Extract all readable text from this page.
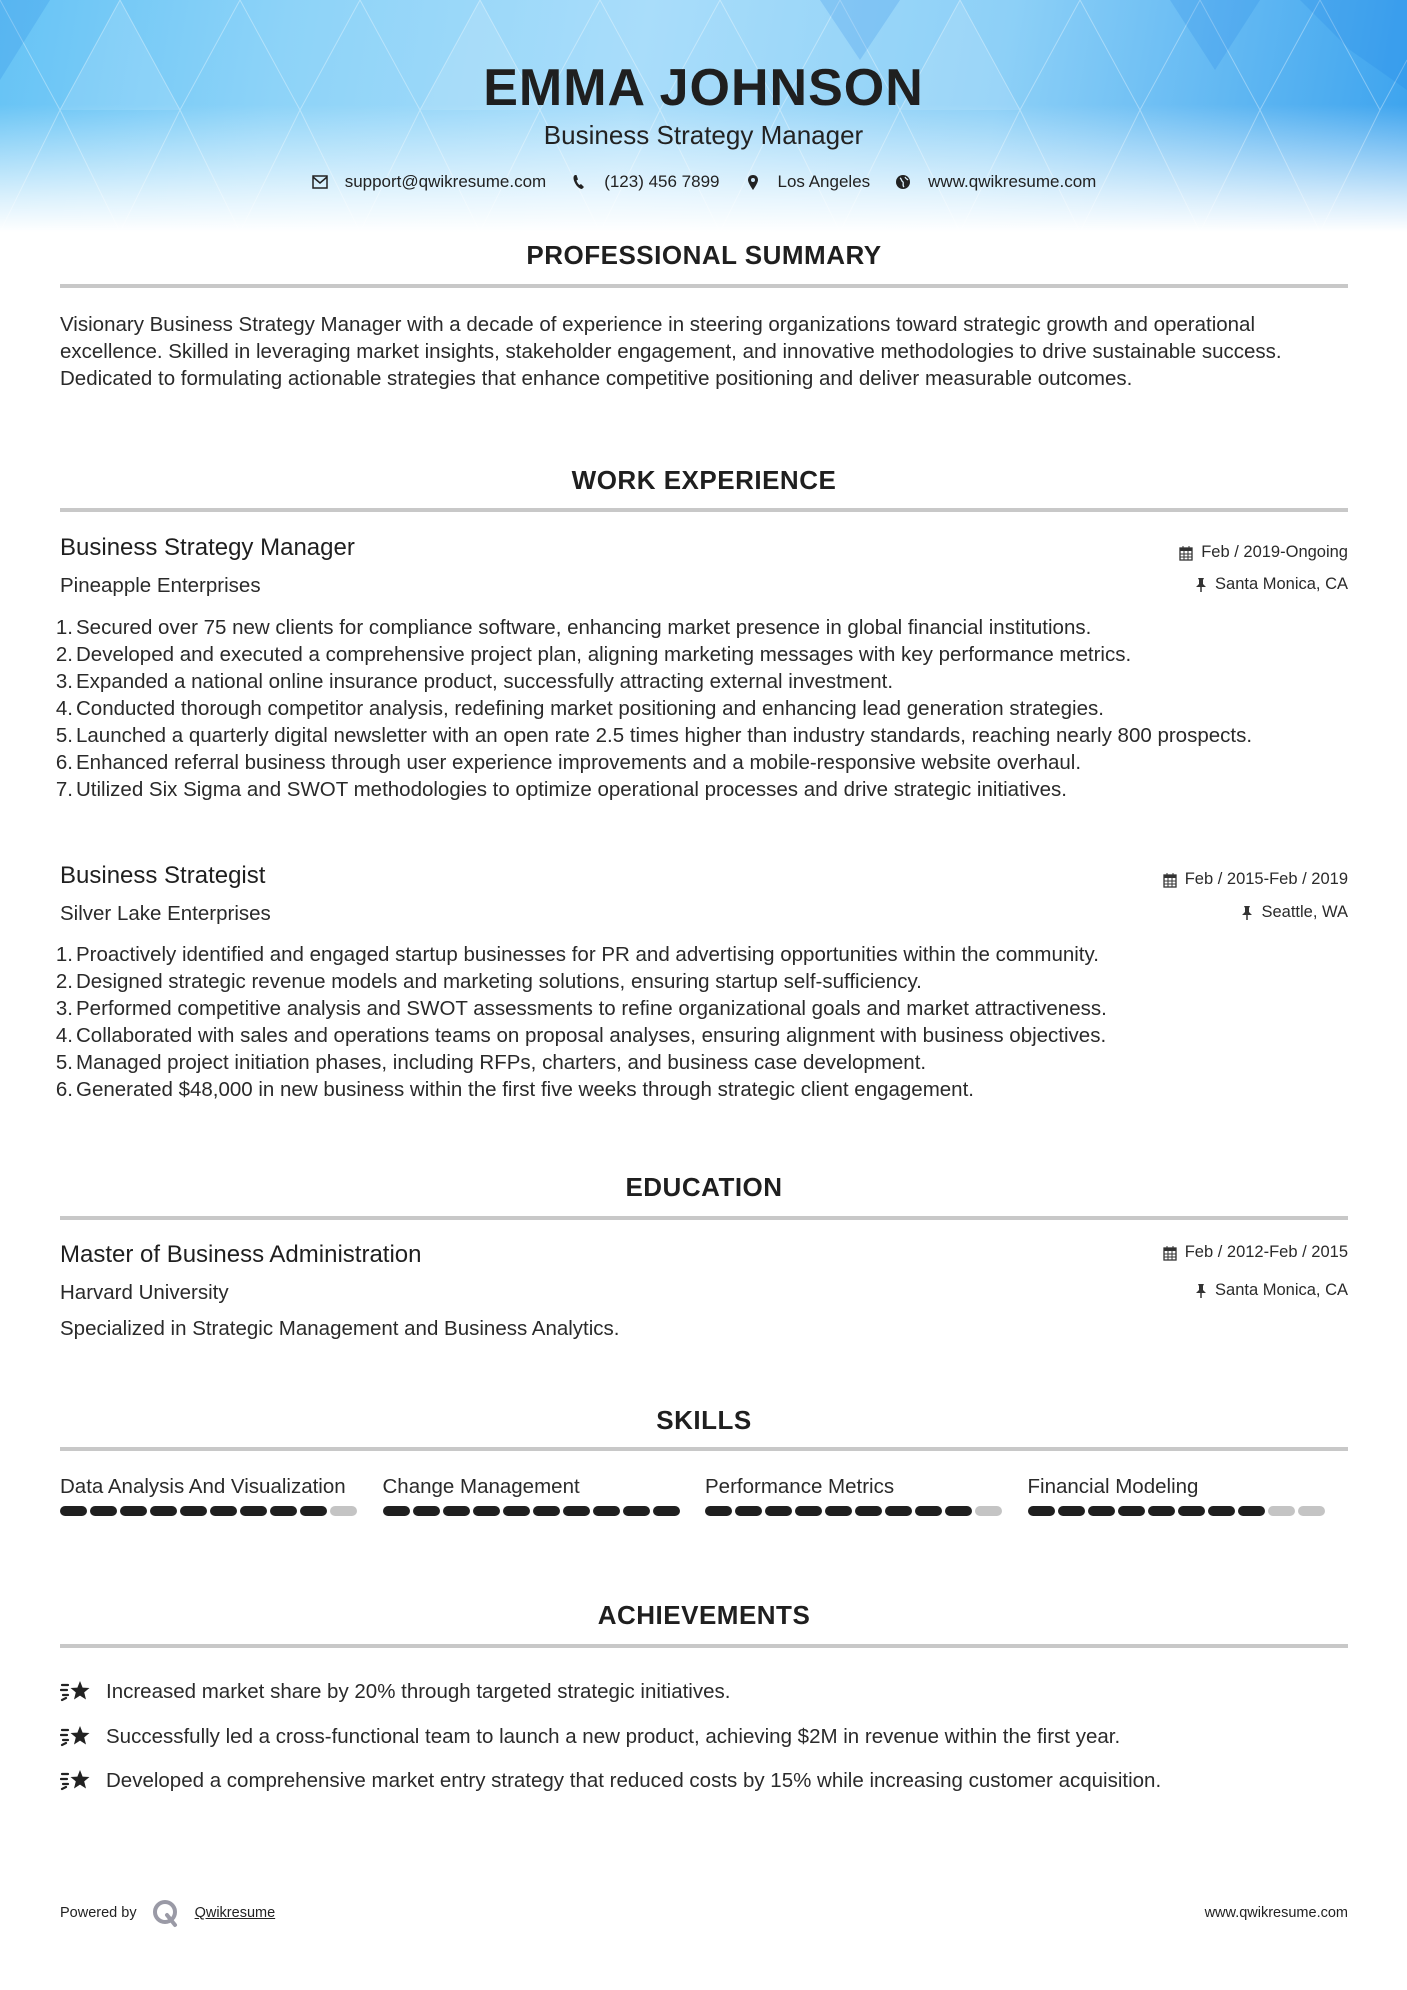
EMMA JOHNSON
Business Strategy Manager
support@qwikresume.com	(123) 456 7899	Los Angeles	www.qwikresume.com
PROFESSIONAL SUMMARY
Visionary Business Strategy Manager with a decade of experience in steering organizations toward strategic growth and operational excellence. Skilled in leveraging market insights, stakeholder engagement, and innovative methodologies to drive sustainable success. Dedicated to formulating actionable strategies that enhance competitive positioning and deliver measurable outcomes.
WORK EXPERIENCE
Business Strategy Manager
Pineapple Enterprises
Feb / 2019-Ongoing
Santa Monica, CA
1. Secured over 75 new clients for compliance software, enhancing market presence in global financial institutions.
2. Developed and executed a comprehensive project plan, aligning marketing messages with key performance metrics.
3. Expanded a national online insurance product, successfully attracting external investment.
4. Conducted thorough competitor analysis, redefining market positioning and enhancing lead generation strategies.
5. Launched a quarterly digital newsletter with an open rate 2.5 times higher than industry standards, reaching nearly 800 prospects.
6. Enhanced referral business through user experience improvements and a mobile-responsive website overhaul.
7. Utilized Six Sigma and SWOT methodologies to optimize operational processes and drive strategic initiatives.
Business Strategist
Silver Lake Enterprises
Feb / 2015-Feb / 2019
Seattle, WA
1. Proactively identified and engaged startup businesses for PR and advertising opportunities within the community.
2. Designed strategic revenue models and marketing solutions, ensuring startup self-sufficiency.
3. Performed competitive analysis and SWOT assessments to refine organizational goals and market attractiveness.
4. Collaborated with sales and operations teams on proposal analyses, ensuring alignment with business objectives.
5. Managed project initiation phases, including RFPs, charters, and business case development.
6. Generated $48,000 in new business within the first five weeks through strategic client engagement.
EDUCATION
Master of Business Administration
Harvard University
Feb / 2012-Feb / 2015
Santa Monica, CA
Specialized in Strategic Management and Business Analytics.
SKILLS
Data Analysis And Visualization	Change Management	Performance Metrics	Financial Modeling
ACHIEVEMENTS
Increased market share by 20% through targeted strategic initiatives.
Successfully led a cross-functional team to launch a new product, achieving $2M in revenue within the first year.
Developed a comprehensive market entry strategy that reduced costs by 15% while increasing customer acquisition.
Powered by	Qwikresume	www.qwikresume.com
